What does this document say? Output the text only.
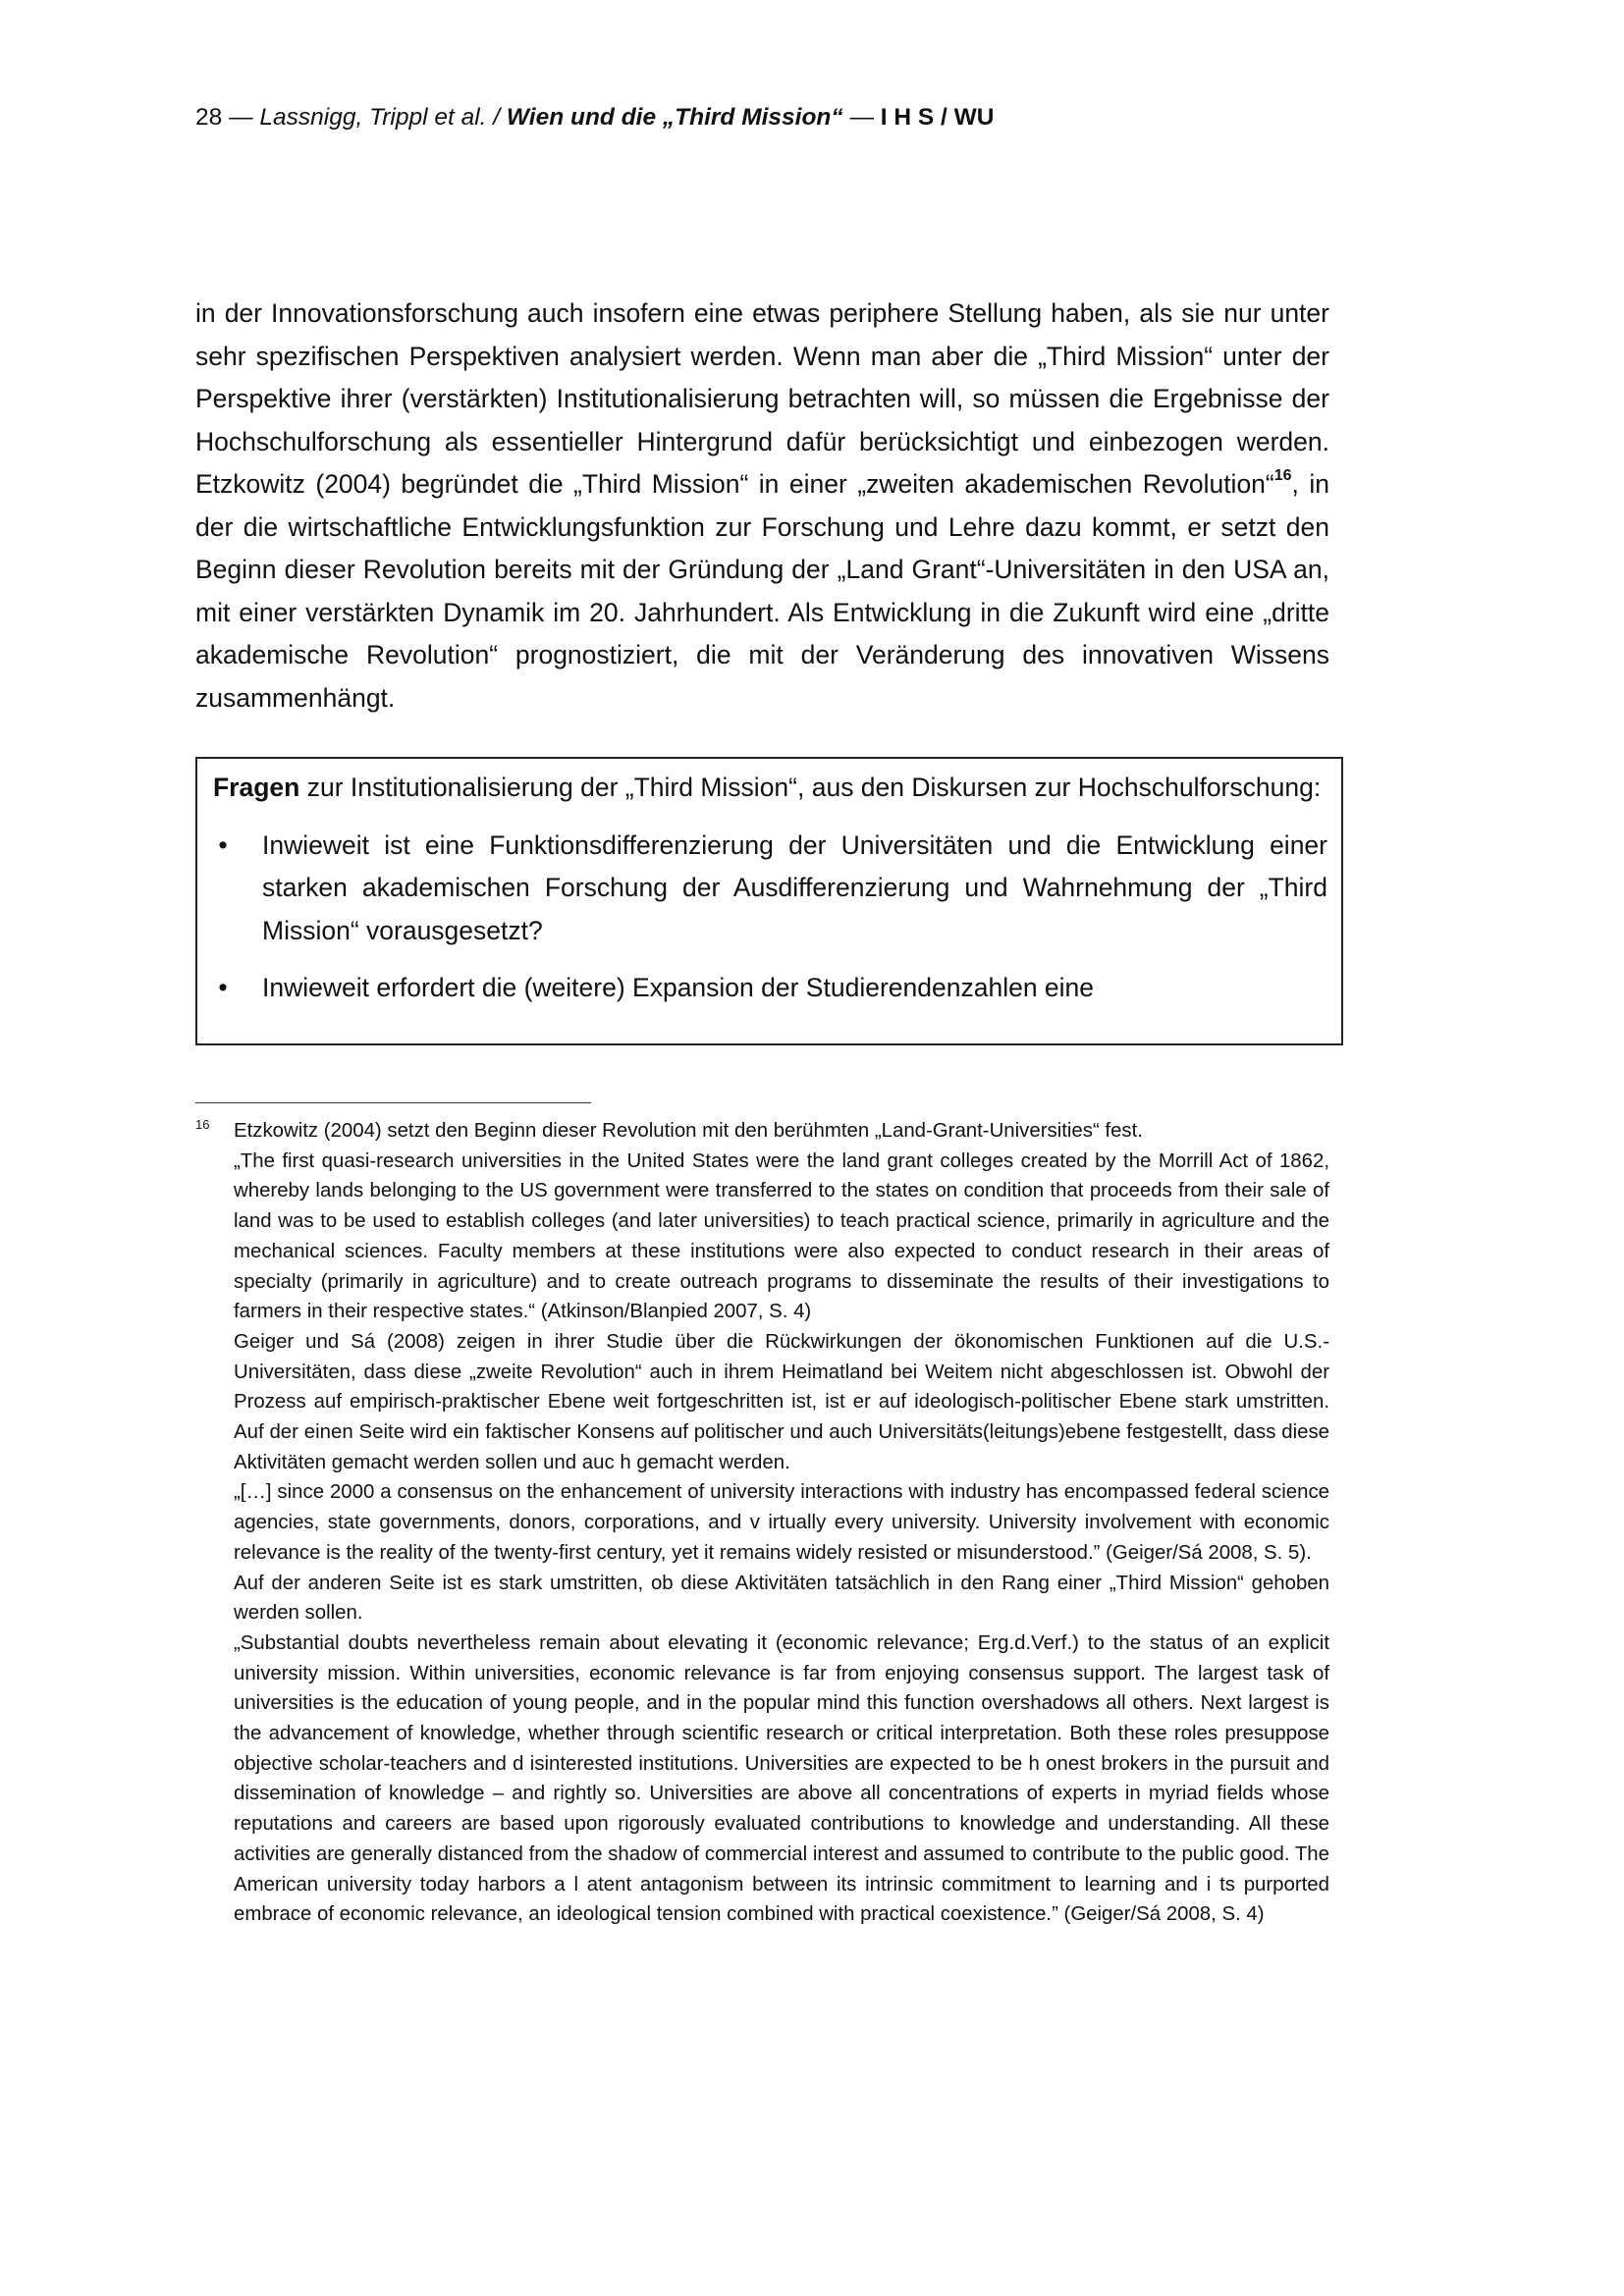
28 — Lassnigg, Trippl et al. / Wien und die „Third Mission“ — I H S / WU
in der Innovationsforschung auch insofern eine etwas periphere Stellung haben, als sie nur unter sehr spezifischen Perspektiven analysiert werden. Wenn man aber die „Third Mission“ unter der Perspektive ihrer (verstärkten) Institutionalisierung betrachten will, so müssen die Ergebnisse der Hochschulforschung als essentieller Hintergrund dafür berücksichtigt und einbezogen werden. Etzkowitz (2004) begründet die „Third Mission“ in einer „zweiten akademischen Revolution“$^{16}$, in der die wirtschaftliche Entwicklungsfunktion zur Forschung und Lehre dazu kommt, er setzt den Beginn dieser Revolution bereits mit der Gründung der „Land Grant“-Universitäten in den USA an, mit einer verstärkten Dynamik im 20. Jahrhundert. Als Entwicklung in die Zukunft wird eine „dritte akademische Revolution“ prognostiziert, die mit der Veränderung des innovativen Wissens zusammenhängt.
Fragen zur Institutionalisierung der „Third Mission“, aus den Diskursen zur Hochschulforschung:
• Inwieweit ist eine Funktionsdifferenzierung der Universitäten und die Entwicklung einer starken akademischen Forschung der Ausdifferenzierung und Wahrnehmung der „Third Mission“ vorausgesetzt?
• Inwieweit erfordert die (weitere) Expansion der Studierendenzahlen eine
16 Etzkowitz (2004) setzt den Beginn dieser Revolution mit den berühmten „Land-Grant-Universities“ fest.

„The first quasi-research universities in the United States were the land grant colleges created by the Morrill Act of 1862, whereby lands belonging to the US government were transferred to the states on condition that proceeds from their sale of land was to be used to establish colleges (and later universities) to teach practical science, primarily in agriculture and the mechanical sciences. Faculty members at these institutions were also expected to conduct research in their areas of specialty (primarily in agriculture) and to create outreach programs to disseminate the results of their investigations to farmers in their respective states.“ (Atkinson/Blanpied 2007, S. 4)

Geiger und Sá (2008) zeigen in ihrer Studie über die Rückwirkungen der ökonomischen Funktionen auf die U.S.-Universitäten, dass diese „zweite Revolution“ auch in ihrem Heimatland bei Weitem nicht abgeschlossen ist. Obwohl der Prozess auf empirisch-praktischer Ebene weit fortgeschritten ist, ist er auf ideologisch-politischer Ebene stark umstritten. Auf der einen Seite wird ein faktischer Konsens auf politischer und auch Universitäts(leitungs)ebene festgestellt, dass diese Aktivitäten gemacht werden sollen und auc h gemacht werden.

„[…] since 2000 a consensus on the enhancement of university interactions with industry has encompassed federal science agencies, state governments, donors, corporations, and v irtually every university. University involvement with economic relevance is the reality of the twenty-first century, yet it remains widely resisted or misunderstood.” (Geiger/Sá 2008, S. 5).

Auf der anderen Seite ist es stark umstritten, ob diese Aktivitäten tatsächlich in den Rang einer „Third Mission“ gehoben werden sollen.

„Substantial doubts nevertheless remain about elevating it (economic relevance; Erg.d.Verf.) to the status of an explicit university mission. Within universities, economic relevance is far from enjoying consensus support. The largest task of universities is the education of young people, and in the popular mind this function overshadows all others. Next largest is the advancement of knowledge, whether through scientific research or critical interpretation. Both these roles presuppose objective scholar-teachers and d isinterested institutions. Universities are expected to be h onest brokers in the pursuit and dissemination of knowledge – and rightly so. Universities are above all concentrations of experts in myriad fields whose reputations and careers are based upon rigorously evaluated contributions to knowledge and understanding. All these activities are generally distanced from the shadow of commercial interest and assumed to contribute to the public good. The American university today harbors a l atent antagonism between its intrinsic commitment to learning and i ts purported embrace of economic relevance, an ideological tension combined with practical coexistence.” (Geiger/Sá 2008, S. 4)
